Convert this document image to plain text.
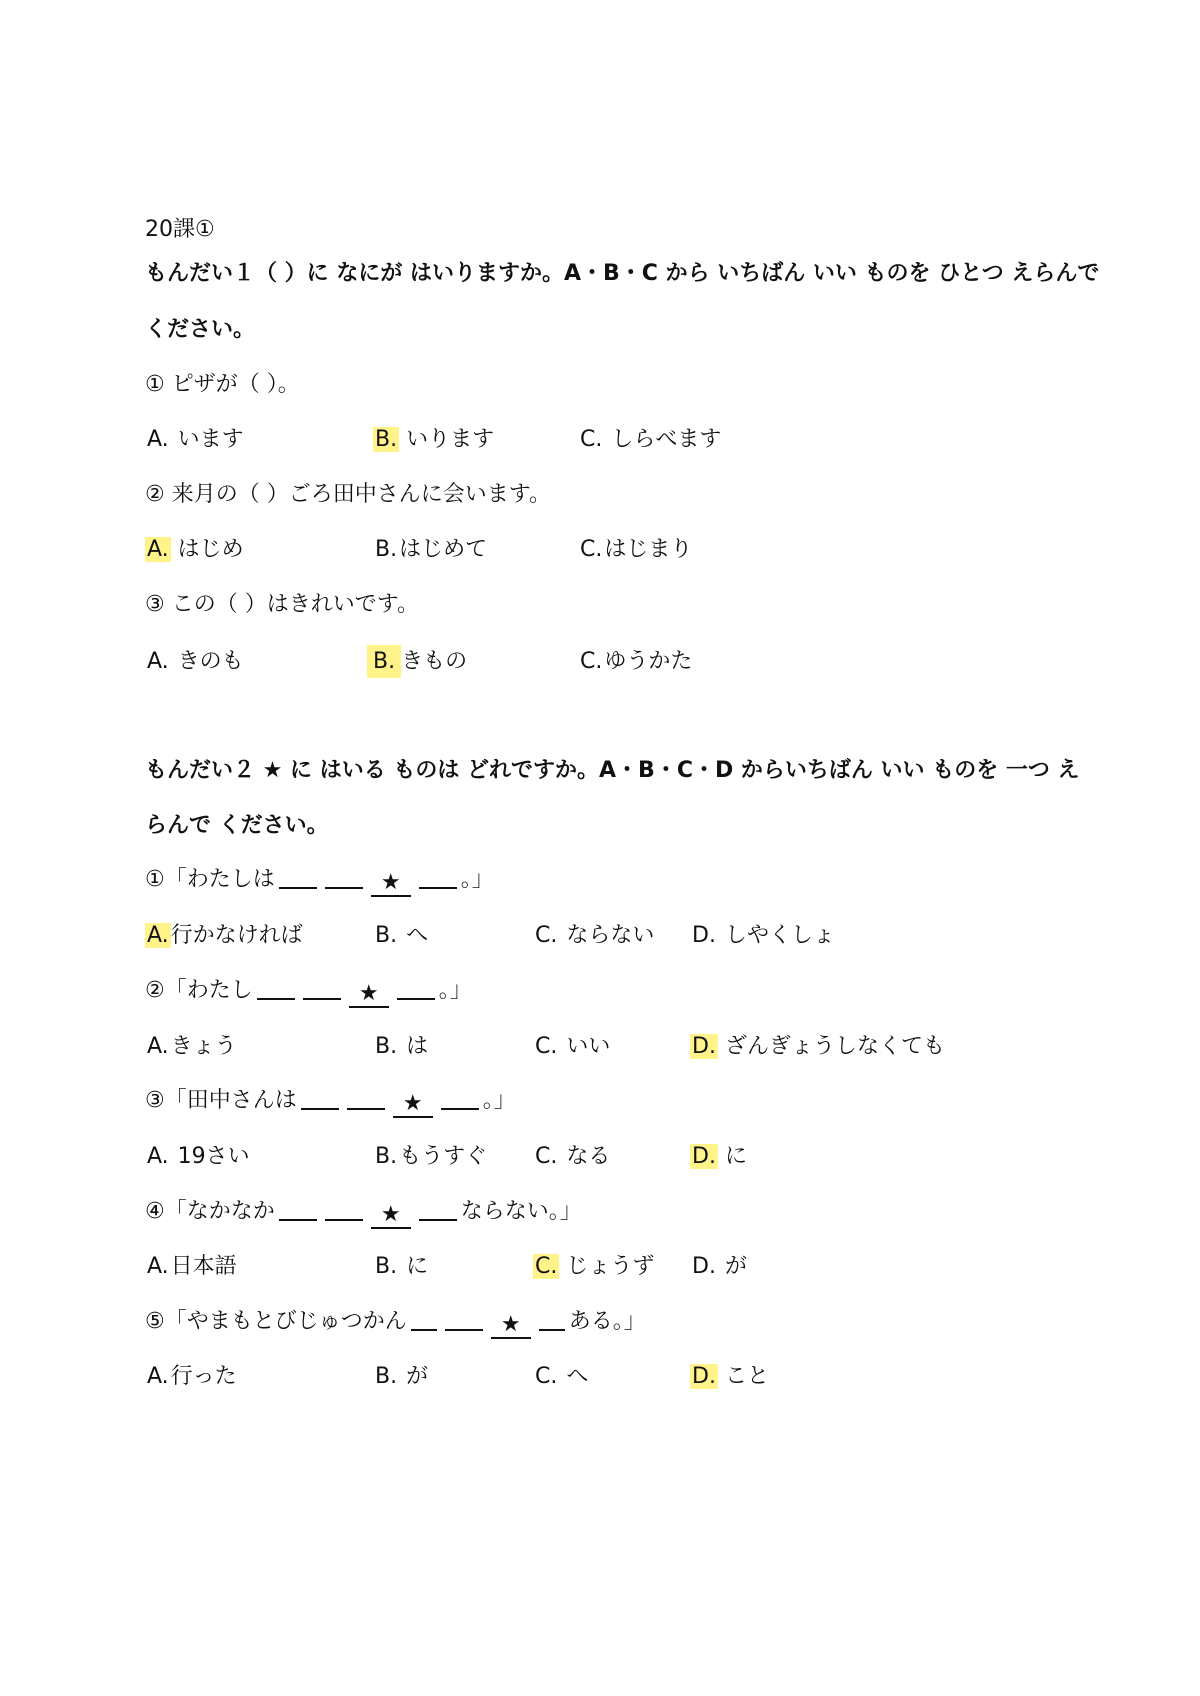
20課①
もんだい１（ ）に なにが はいりますか。A・B・C から いちばん いい ものを ひとつ えらんで
ください。
① ピザが（ ）。
A. います	B. いります	C. しらべます
② 来月の（ ）ごろ田中さんに会います。
A. はじめ	B.はじめて	C.はじまり
③ この（ ）はきれいです。
A. きのも	B. きもの	C.ゆうかた
もんだい２ ★ に はいる ものは どれですか。A・B・C・D からいちばん いい ものを 一つ え
らんで ください。
①「わたしは	★	。」
A.行かなければ	B. へ	C. ならない D. しやくしょ
②「わたし	★	。」
A.きょう	B. は	C. いい	D. ざんぎょうしなくても
③「田中さんは	★	。」
A. 19さい	B.もうすぐ C. なる	D. に
④「なかなか	★	ならない。」
A.日本語	B. に	C. じょうず D. が
⑤「やまもとびじゅつかん	★ ある。」
A.行った	B. が	C. へ	D. こと
